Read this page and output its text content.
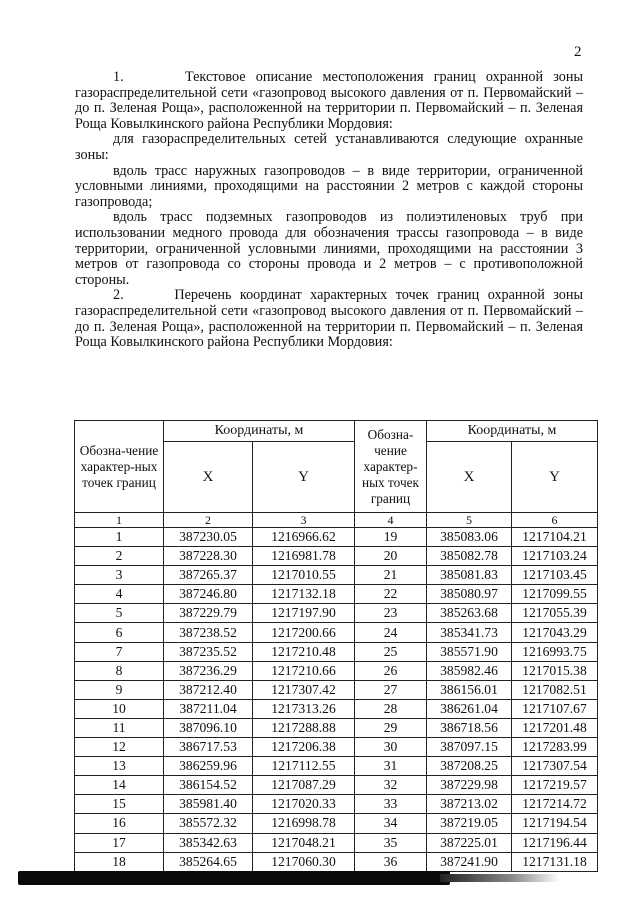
2

1.      Текстовое описание местоположения границ охранной зоны газораспределительной сети «газопровод высокого давления от п. Первомайский – до п. Зеленая Роща», расположенной на территории п. Первомайский – п. Зеленая Роща Ковылкинского района Республики Мордовия:

для газораспределительных сетей устанавливаются следующие охранные зоны:

вдоль трасс наружных газопроводов – в виде территории, ограниченной условными линиями, проходящими на расстоянии 2 метров с каждой стороны газопровода;

вдоль трасс подземных газопроводов из полиэтиленовых труб при использовании медного провода для обозначения трассы газопровода – в виде территории, ограниченной условными линиями, проходящими на расстоянии 3 метров от газопровода со стороны провода и 2 метров – с противоположной стороны.

2.      Перечень координат характерных точек границ охранной зоны газораспределительной сети «газопровод высокого давления от п. Первомайский – до п. Зеленая Роща», расположенной на территории п. Первомайский – п. Зеленая Роща Ковылкинского района Республики Мордовия:

Обозна-чение характер-ных точек границ	Координаты, м		Обозна-чение характер-ных точек границ	Координаты, м	
	X	Y		X	Y
1	2	3	4	5	6
1	387230.05	1216966.62	19	385083.06	1217104.21
2	387228.30	1216981.78	20	385082.78	1217103.24
3	387265.37	1217010.55	21	385081.83	1217103.45
4	387246.80	1217132.18	22	385080.97	1217099.55
5	387229.79	1217197.90	23	385263.68	1217055.39
6	387238.52	1217200.66	24	385341.73	1217043.29
7	387235.52	1217210.48	25	385571.90	1216993.75
8	387236.29	1217210.66	26	385982.46	1217015.38
9	387212.40	1217307.42	27	386156.01	1217082.51
10	387211.04	1217313.26	28	386261.04	1217107.67
11	387096.10	1217288.88	29	386718.56	1217201.48
12	386717.53	1217206.38	30	387097.15	1217283.99
13	386259.96	1217112.55	31	387208.25	1217307.54
14	386154.52	1217087.29	32	387229.98	1217219.57
15	385981.40	1217020.33	33	387213.02	1217214.72
16	385572.32	1216998.78	34	387219.05	1217194.54
17	385342.63	1217048.21	35	387225.01	1217196.44
18	385264.65	1217060.30	36	387241.90	1217131.18
